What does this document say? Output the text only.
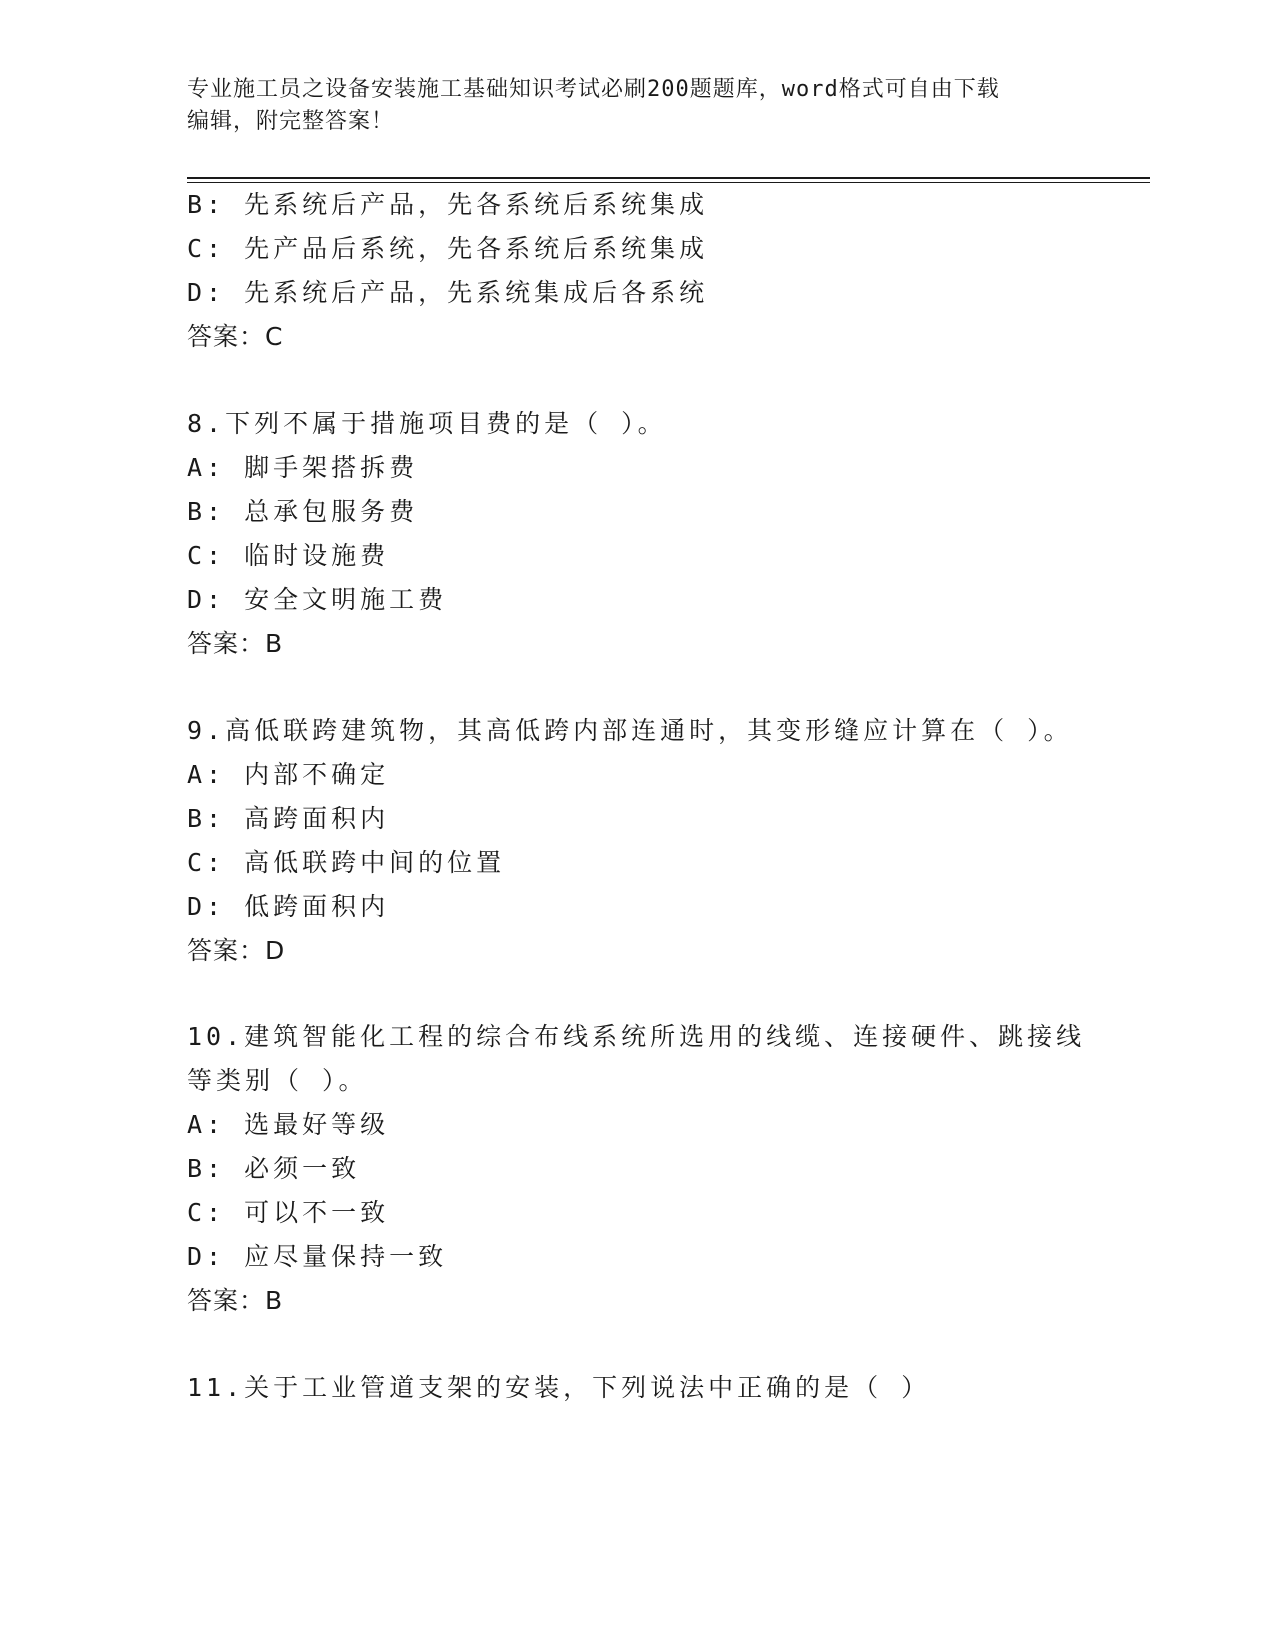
专业施工员之设备安装施工基础知识考试必刷200题题库，word格式可自由下载
编辑，附完整答案！
B: 先系统后产品，先各系统后系统集成
C: 先产品后系统，先各系统后系统集成
D: 先系统后产品，先系统集成后各系统
答案：C
8.下列不属于措施项目费的是（ ）。
A: 脚手架搭拆费
B: 总承包服务费
C: 临时设施费
D: 安全文明施工费
答案：B
9.高低联跨建筑物，其高低跨内部连通时，其变形缝应计算在（ ）。
A: 内部不确定
B: 高跨面积内
C: 高低联跨中间的位置
D: 低跨面积内
答案：D
10.建筑智能化工程的综合布线系统所选用的线缆、连接硬件、跳接线
等类别（ ）。
A: 选最好等级
B: 必须一致
C: 可以不一致
D: 应尽量保持一致
答案：B
11.关于工业管道支架的安装，下列说法中正确的是（ ）
